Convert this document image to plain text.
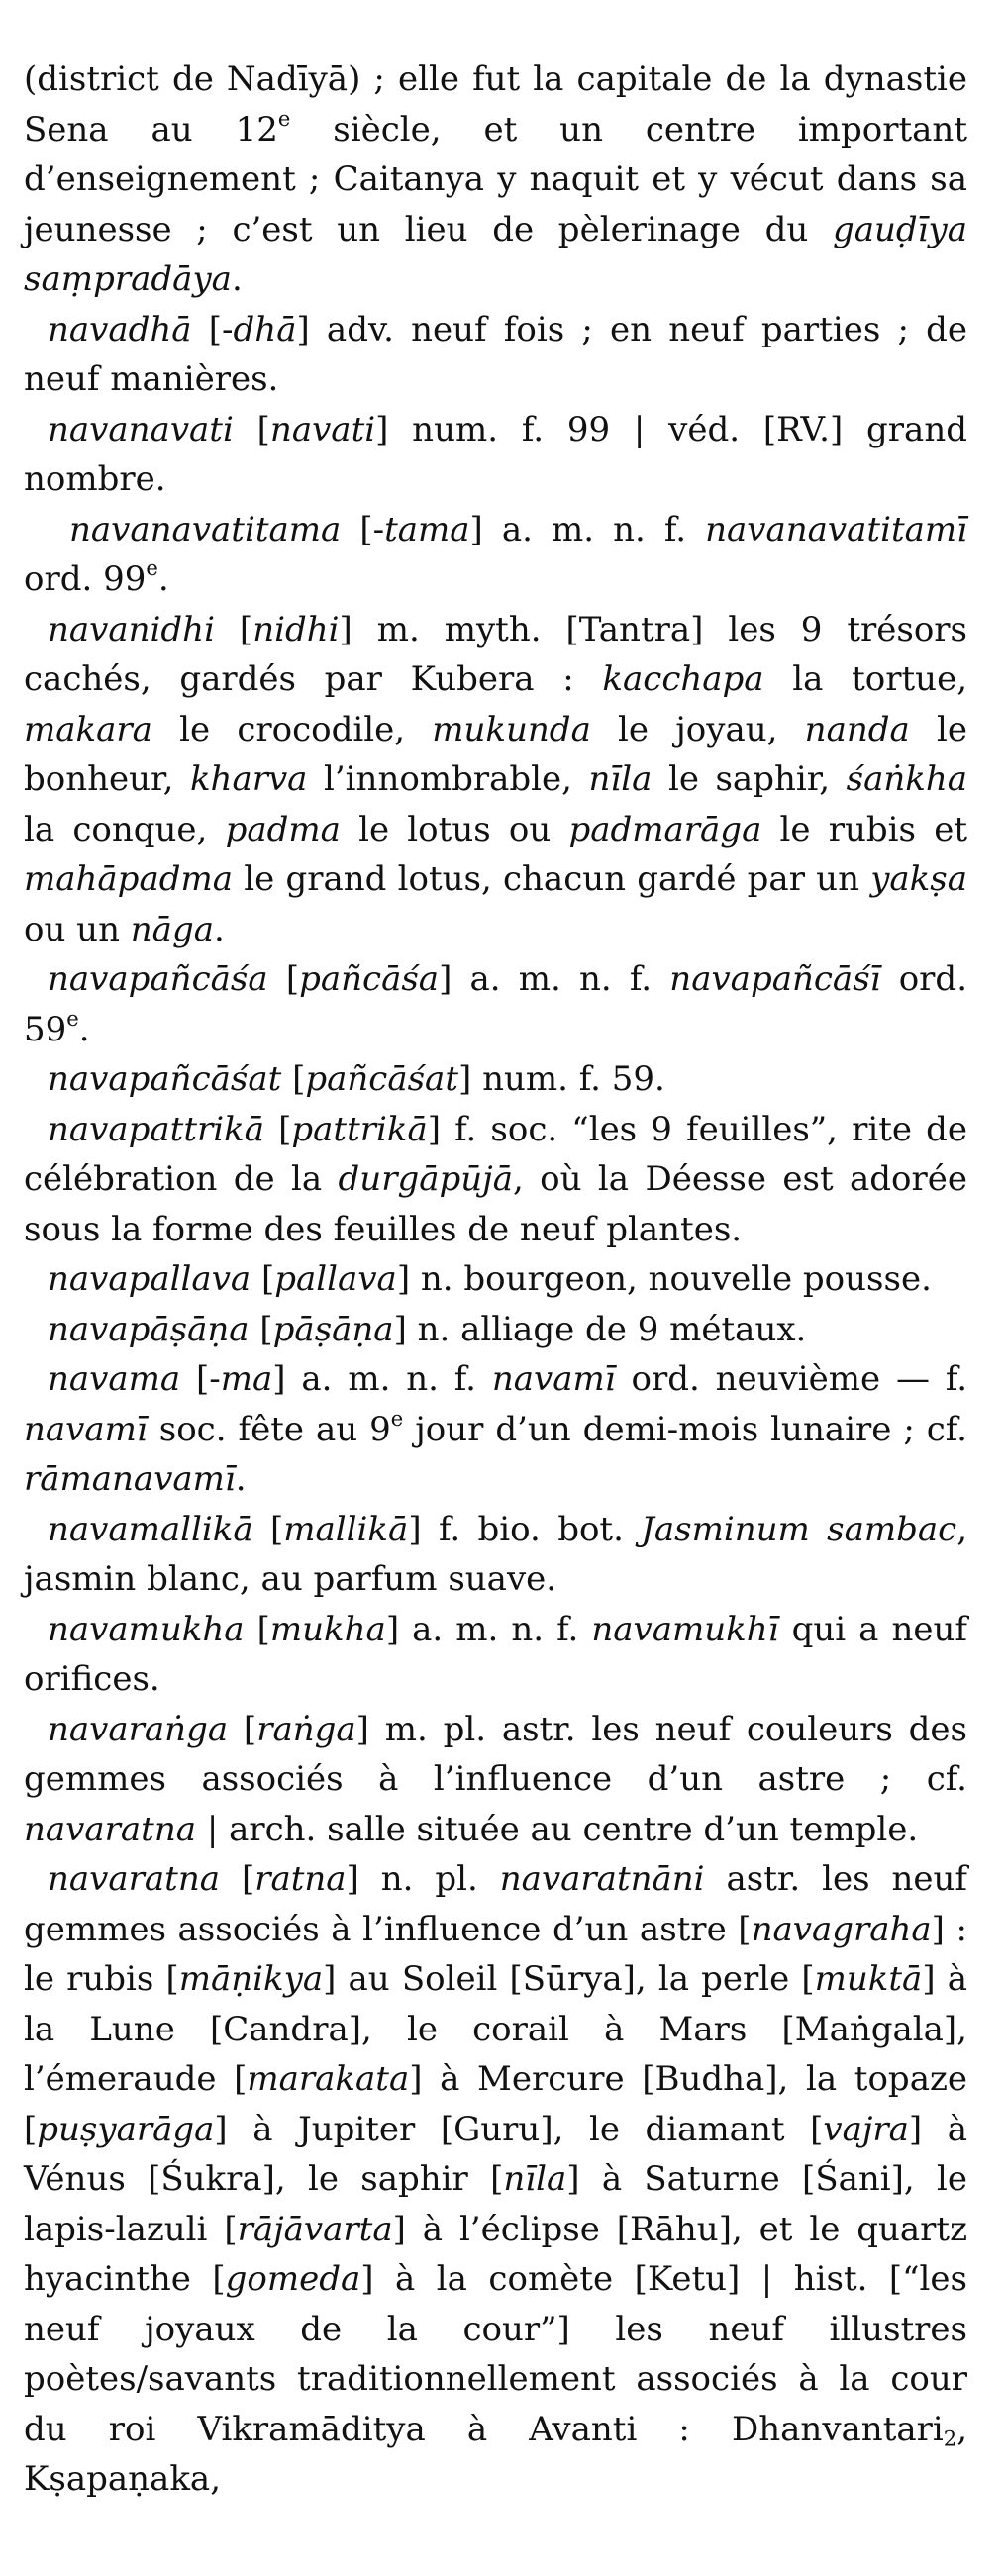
(district de Nadīyā) ; elle fut la capitale de la dynastie Sena au 12e siècle, et un centre important d’enseignement ; Caitanya y naquit et y vécut dans sa jeunesse ; c’est un lieu de pèlerinage du gauḍīya saṃpradāya.

navadhā [-dhā] adv. neuf fois ; en neuf parties ; de neuf manières.

navanavati [navati] num. f. 99 | véd. [RV.] grand nombre.

navanavatitama [-tama] a. m. n. f. navanavatitamī ord. 99e.

navanidhi [nidhi] m. myth. [Tantra] les 9 trésors cachés, gardés par Kubera : kacchapa la tortue, makara le crocodile, mukunda le joyau, nanda le bonheur, kharva l’innombrable, nīla le saphir, śaṅkha la conque, padma le lotus ou padmarāga le rubis et mahāpadma le grand lotus, chacun gardé par un yakṣa ou un nāga.

navapañcāśa [pañcāśa] a. m. n. f. navapañcāśī ord. 59e.

navapañcāśat [pañcāśat] num. f. 59.

navapattrikā [pattrikā] f. soc. “les 9 feuilles”, rite de célébration de la durgāpūjā, où la Déesse est adorée sous la forme des feuilles de neuf plantes.

navapallava [pallava] n. bourgeon, nouvelle pousse.

navapāṣāṇa [pāṣāṇa] n. alliage de 9 métaux.

navama [-ma] a. m. n. f. navamī ord. neuvième — f. navamī soc. fête au 9e jour d’un demi-mois lunaire ; cf. rāmanavamī.

navamallikā [mallikā] f. bio. bot. Jasminum sambac, jasmin blanc, au parfum suave.

navamukha [mukha] a. m. n. f. navamukhī qui a neuf orifices.

navaraṅga [raṅga] m. pl. astr. les neuf couleurs des gemmes associés à l’influence d’un astre ; cf. navaratna | arch. salle située au centre d’un temple.

navaratna [ratna] n. pl. navaratnāni astr. les neuf gemmes associés à l’influence d’un astre [navagraha] : le rubis [māṇikya] au Soleil [Sūrya], la perle [muktā] à la Lune [Candra], le corail à Mars [Maṅgala], l’émeraude [marakata] à Mercure [Budha], la topaze [puṣyarāga] à Jupiter [Guru], le diamant [vajra] à Vénus [Śukra], le saphir [nīla] à Saturne [Śani], le lapis-lazuli [rājāvarta] à l’éclipse [Rāhu], et le quartz hyacinthe [gomeda] à la comète [Ketu] | hist. [“les neuf joyaux de la cour”] les neuf illustres poètes/savants traditionnellement associés à la cour du roi Vikramāditya à Avanti : Dhanvantari$_2$, Kṣapaṇaka,
